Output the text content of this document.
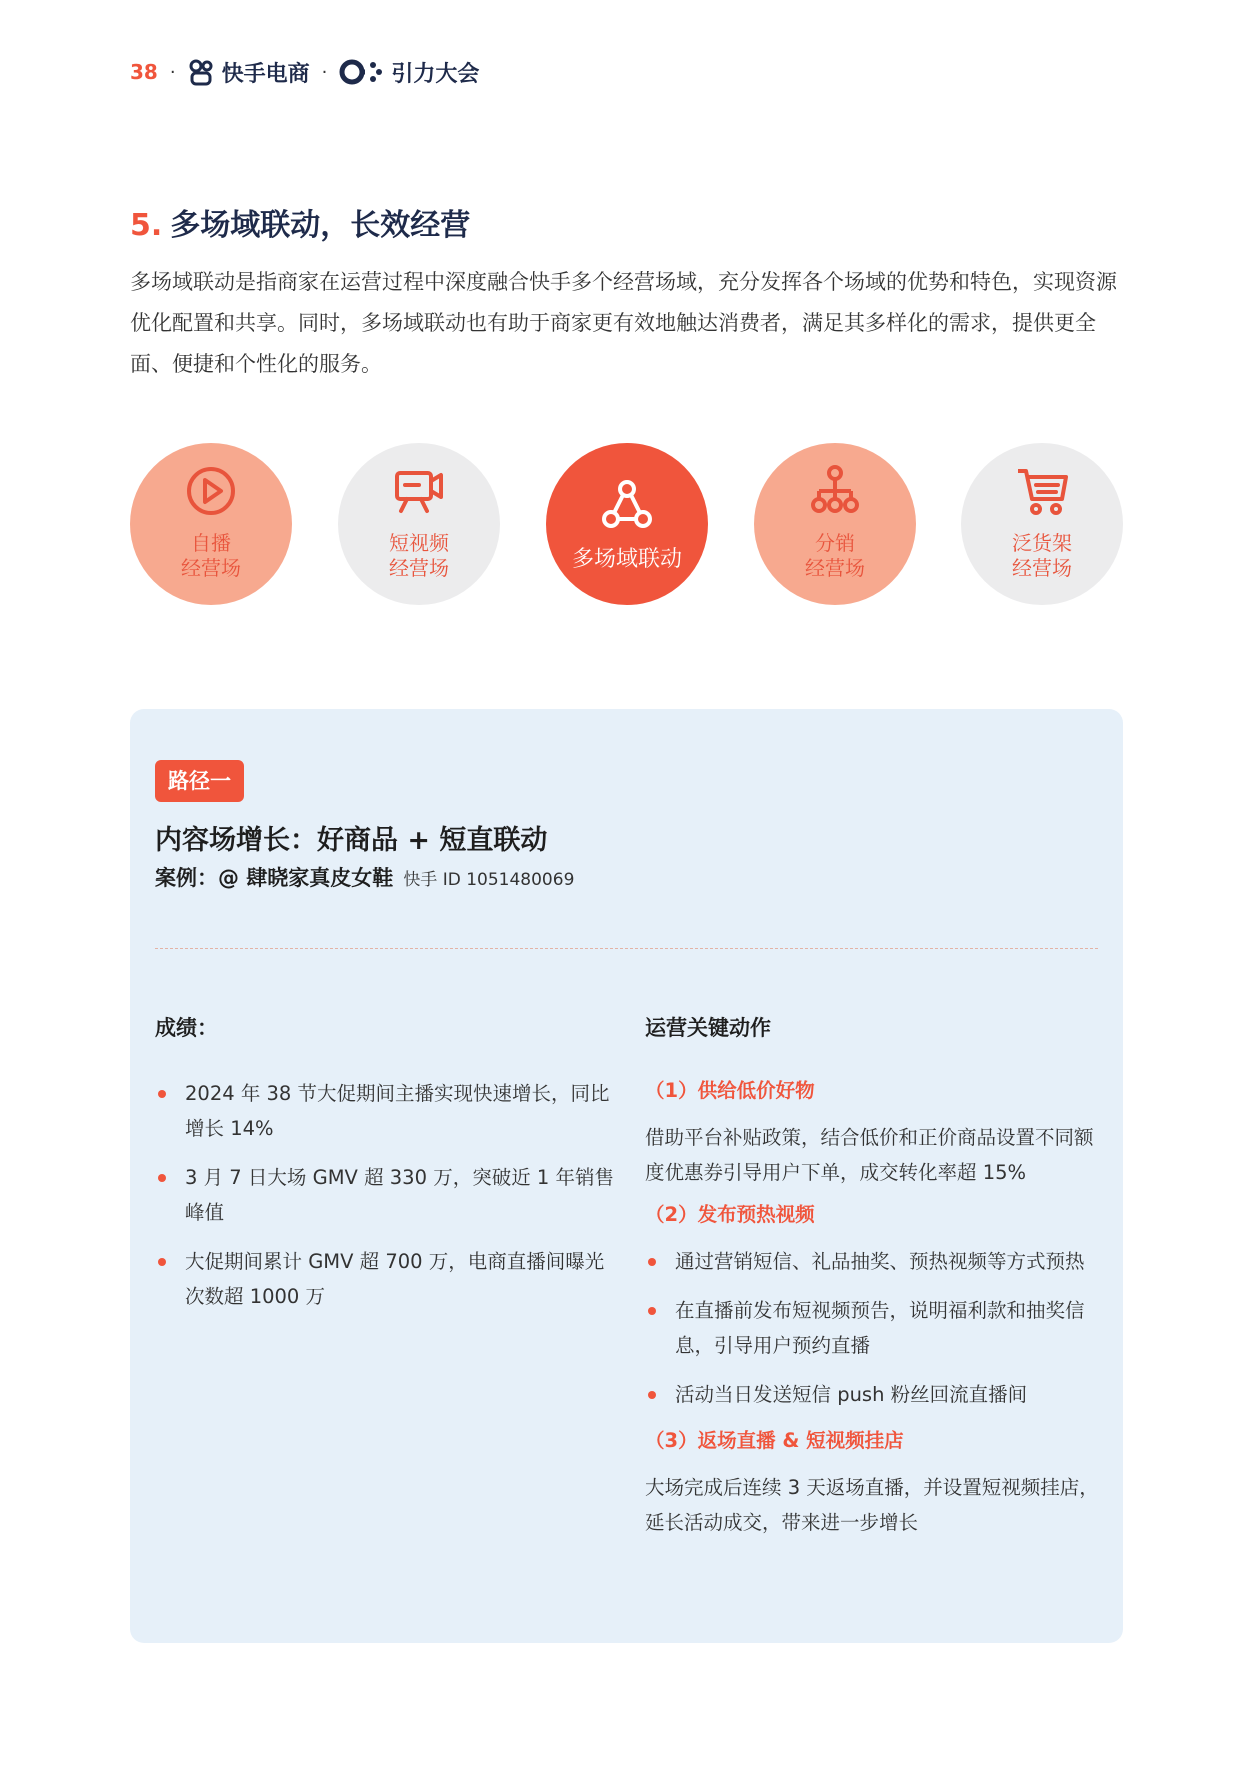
38 · 快手电商 ·	引力大会
5. 多场域联动，长效经营
多场域联动是指商家在运营过程中深度融合快手多个经营场域，充分发挥各个场域的优势和特色，实现资源优化配置和共享。同时，多场域联动也有助于商家更有效地触达消费者，满足其多样化的需求，提供更全面、便捷和个性化的服务。
自播
经营场
短视频
经营场	多场域联动
分销
经营场
泛货架
经营场
路径一
内容场增长：好商品 + 短直联动
案例：@ 肆晓家真皮女鞋 快手 ID 1051480069
成绩：	运营关键动作
2024 年 38 节大促期间主播实现快速增长，同比增长 14%
3 月 7 日大场 GMV 超 330 万，突破近 1 年销售峰值
大促期间累计 GMV 超 700 万，电商直播间曝光次数超 1000 万
（1）供给低价好物
借助平台补贴政策，结合低价和正价商品设置不同额度优惠券引导用户下单，成交转化率超 15%
（2）发布预热视频
通过营销短信、礼品抽奖、预热视频等方式预热
在直播前发布短视频预告，说明福利款和抽奖信息，引导用户预约直播
活动当日发送短信 push 粉丝回流直播间
（3）返场直播 & 短视频挂店
大场完成后连续 3 天返场直播，并设置短视频挂店，延长活动成交，带来进一步增长
